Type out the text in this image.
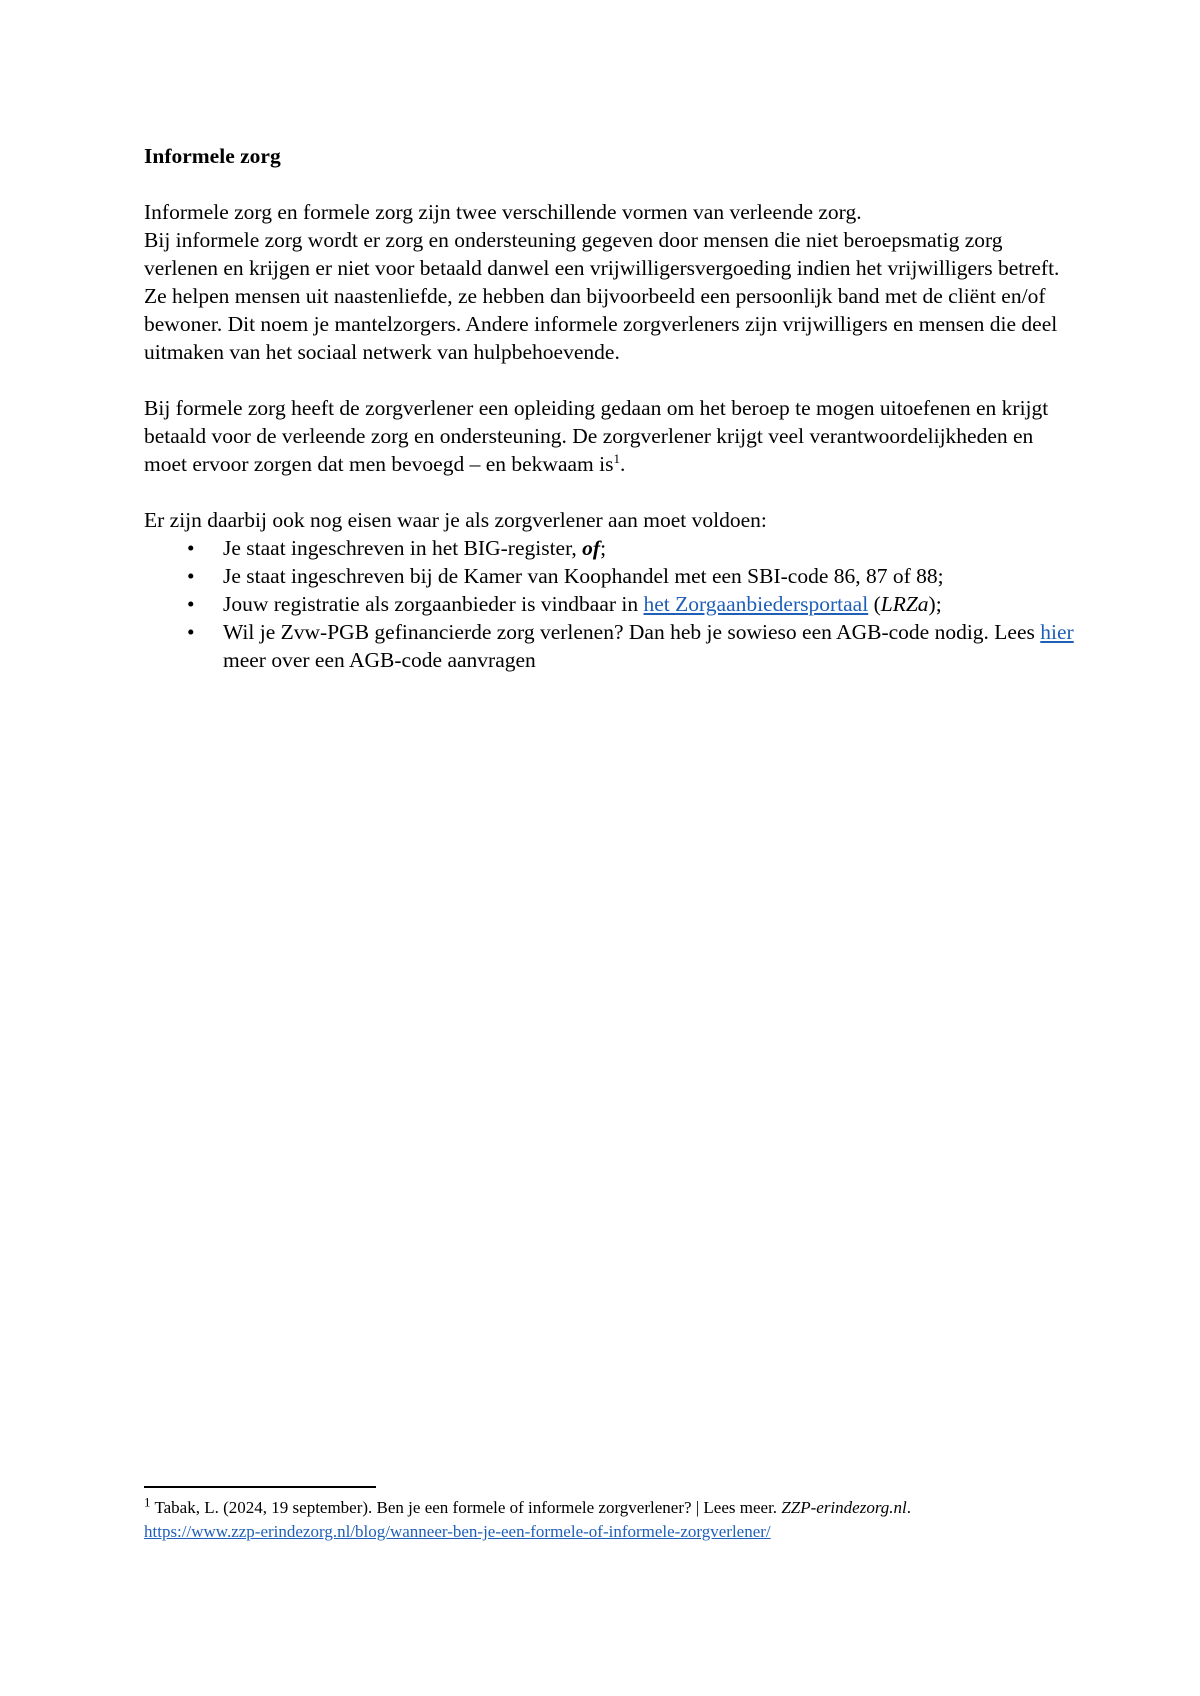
Informele zorg

Informele zorg en formele zorg zijn twee verschillende vormen van verleende zorg.

Bij informele zorg wordt er zorg en ondersteuning gegeven door mensen die niet beroepsmatig zorg verlenen en krijgen er niet voor betaald danwel een vrijwilligersvergoeding indien het vrijwilligers betreft. Ze helpen mensen uit naastenliefde, ze hebben dan bijvoorbeeld een persoonlijk band met de cliënt en/of bewoner. Dit noem je mantelzorgers. Andere informele zorgverleners zijn vrijwilligers en mensen die deel uitmaken van het sociaal netwerk van hulpbehoevende.

Bij formele zorg heeft de zorgverlener een opleiding gedaan om het beroep te mogen uitoefenen en krijgt betaald voor de verleende zorg en ondersteuning. De zorgverlener krijgt veel verantwoordelijkheden en moet ervoor zorgen dat men bevoegd – en bekwaam $is^1$.

Er zijn daarbij ook nog eisen waar je als zorgverlener aan moet voldoen:

• Je staat ingeschreven in het BIG-register, of;
• Je staat ingeschreven bij de Kamer van Koophandel met een SBI-code 86, 87 of 88;
• Jouw registratie als zorgaanbieder is vindbaar in het Zorgaanbiedersportaal (LRZa);
• Wil je Zvw-PGB gefinancierde zorg verlenen? Dan heb je sowieso een AGB-code nodig. Lees hier meer over een AGB-code aanvragen
$^1$ Tabak, L. (2024, 19 september). Ben je een formele of informele zorgverlener? | Lees meer. ZZP-erindezorg.nl.
https://www.zzp-erindezorg.nl/blog/wanneer-ben-je-een-formele-of-informele-zorgverlener/
